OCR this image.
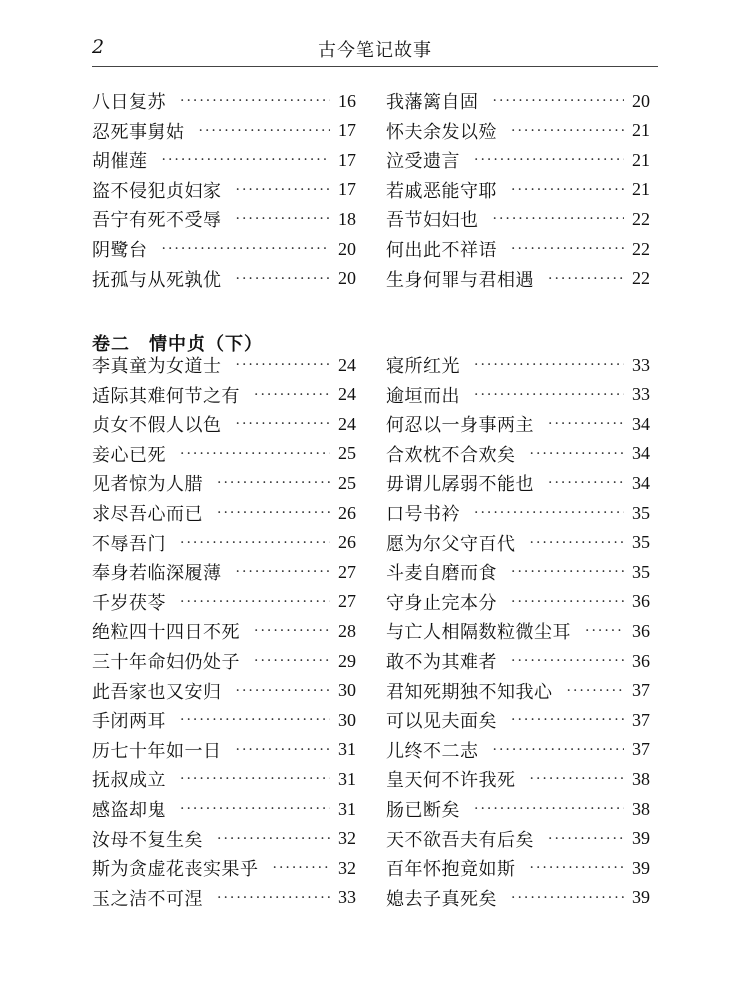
2	古今笔记故事
八日复苏 ·····	16
忍死事舅姑 ·····	17
胡催莲 ·····	17
盗不侵犯贞妇家 ·····	17
吾宁有死不受辱 ·····	18
阴鹭台 ·····	20
抚孤与从死孰优 ·····	20
我藩篱自固 ·····	20
怀夫余发以殓 ·····	21
泣受遗言 ·····	21
若戚恶能守耶 ·····	21
吾节妇妇也 ·····	22
何出此不祥语 ·····	22
生身何罪与君相遇 ·····	22
卷二　情中贞（下）
李真童为女道士 ·····	24
适际其难何节之有 ·····	24
贞女不假人以色 ·····	24
妾心已死 ·····	25
见者惊为人腊 ·····	25
求尽吾心而已 ·····	26
不辱吾门 ·····	26
奉身若临深履薄 ·····	27
千岁茯苓 ·····	27
绝粒四十四日不死 ·····	28
三十年命妇仍处子 ·····	29
此吾家也又安归 ·····	30
手闭两耳 ·····	30
历七十年如一日 ·····	31
抚叔成立 ·····	31
感盗却鬼 ·····	31
汝母不复生矣 ·····	32
斯为贪虚花丧实果乎 ·····	32
玉之洁不可涅 ·····	33
寝所红光 ·····	33
逾垣而出 ·····	33
何忍以一身事两主 ·····	34
合欢枕不合欢矣 ·····	34
毋谓儿孱弱不能也 ·····	34
口号书衿 ·····	35
愿为尔父守百代 ·····	35
斗麦自磨而食 ·····	35
守身止完本分 ·····	36
与亡人相隔数粒微尘耳 ·····	36
敢不为其难者 ·····	36
君知死期独不知我心 ·····	37
可以见夫面矣 ·····	37
儿终不二志 ·····	37
皇天何不许我死 ·····	38
肠已断矣 ·····	38
天不欲吾夫有后矣 ·····	39
百年怀抱竟如斯 ·····	39
媳去子真死矣 ·····	39
